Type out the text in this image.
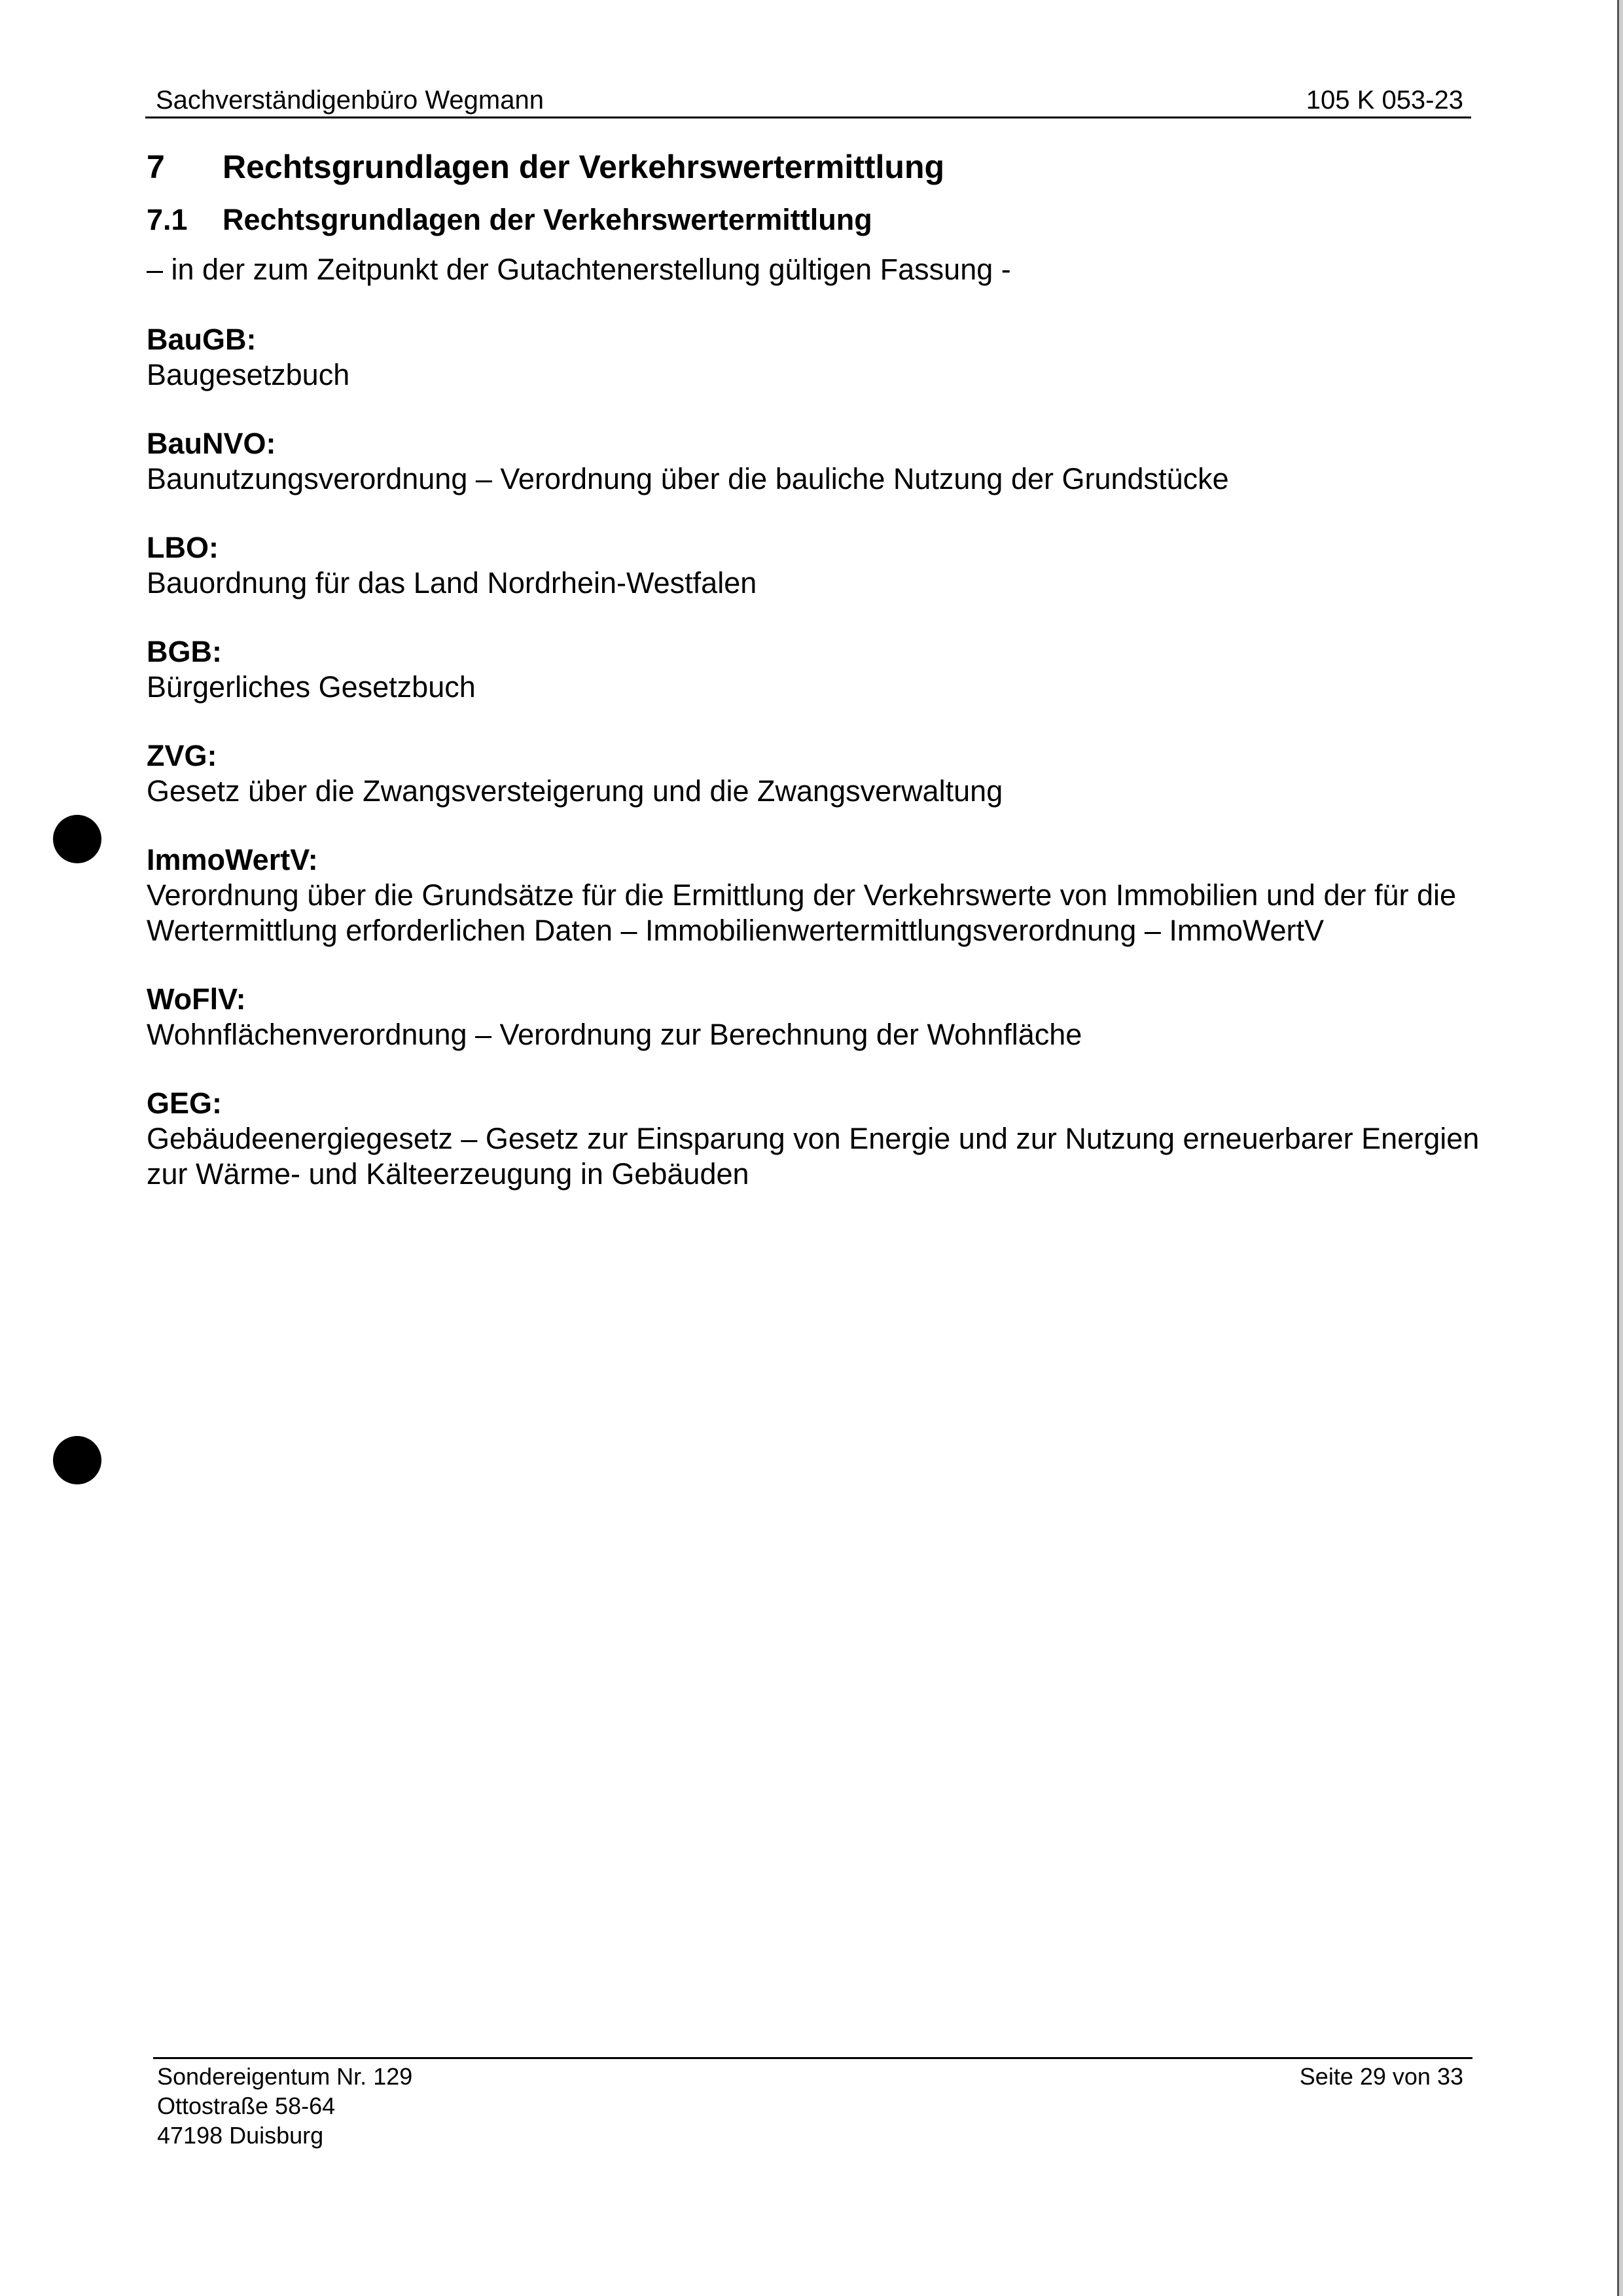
Sachverständigenbüro Wegmann	105 K 053-23
7 Rechtsgrundlagen der Verkehrswertermittlung
7.1 Rechtsgrundlagen der Verkehrswertermittlung
– in der zum Zeitpunkt der Gutachtenerstellung gültigen Fassung -
BauGB:
Baugesetzbuch
BauNVO:
Baunutzungsverordnung – Verordnung über die bauliche Nutzung der Grundstücke
LBO:
Bauordnung für das Land Nordrhein-Westfalen
BGB:
Bürgerliches Gesetzbuch
ZVG:
Gesetz über die Zwangsversteigerung und die Zwangsverwaltung
ImmoWertV:
Verordnung über die Grundsätze für die Ermittlung der Verkehrswerte von Immobilien und der für die Wertermittlung erforderlichen Daten – Immobilienwertermittlungsverordnung – ImmoWertV
WoFlV:
Wohnflächenverordnung – Verordnung zur Berechnung der Wohnfläche
GEG:
Gebäudeenergiegesetz – Gesetz zur Einsparung von Energie und zur Nutzung erneuerbarer Energien zur Wärme- und Kälteerzeugung in Gebäuden
Sondereigentum Nr. 129
Ottostraße 58-64
47198 Duisburg
Seite 29 von 33
